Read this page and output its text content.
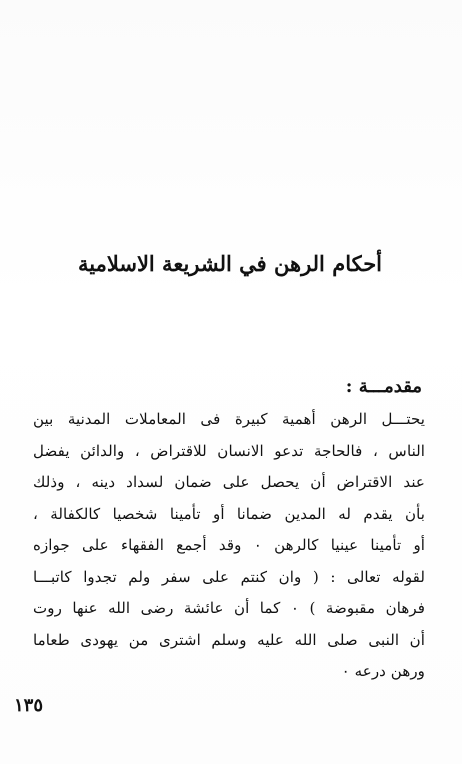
أحكام الرهن في الشريعة الاسلامية
مقدمـــة :
يحتـــل الرهن أهمية كبيرة فى المعاملات المدنية بين
الناس ، فالحاجة تدعو الانسان للاقتراض ، والدائن يفضل
عند الاقتراض أن يحصل على ضمان لسداد دينه ، وذلك
بأن يقدم له المدين ضمانا أو تأمينا شخصيا كالكفالة ،
أو تأمينا عينيا كالرهن ٠ وقد أجمع الفقهاء على جوازه
لقوله تعالى : ( وان كنتم على سفر ولم تجدوا كاتبـــا
فرهان مقبوضة ) ٠ كما أن عائشة رضى الله عنها روت
أن النبى صلى الله عليه وسلم اشترى من يهودى طعاما
ورهن درعه ٠
١٣٥
